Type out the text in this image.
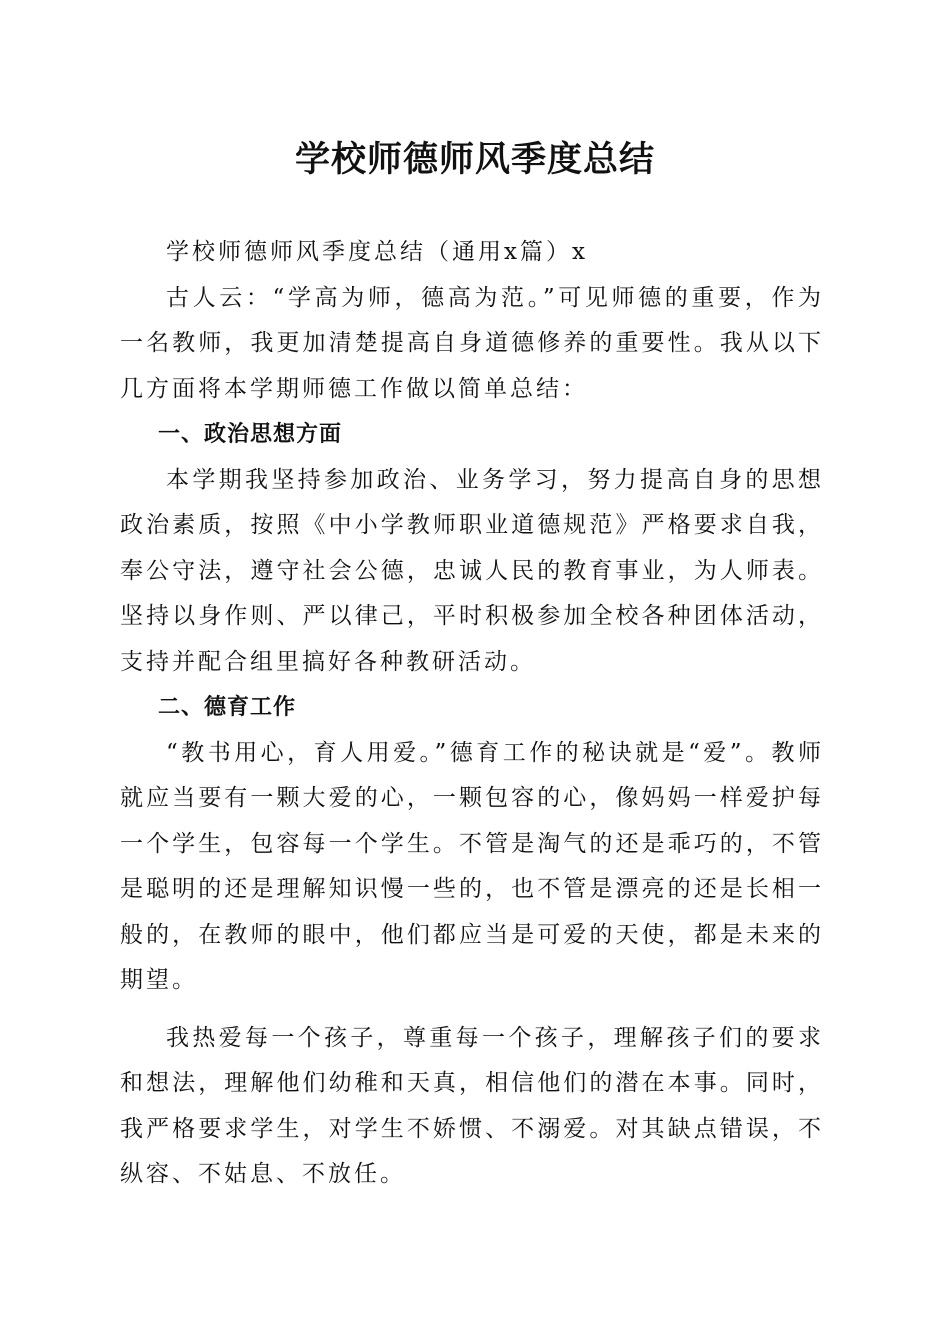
学校师德师风季度总结

学校师德师风季度总结（通用x篇）x

古人云：“学高为师，德高为范。”可见师德的重要，作为一名教师，我更加清楚提高自身道德修养的重要性。我从以下几方面将本学期师德工作做以简单总结：

一、政治思想方面

本学期我坚持参加政治、业务学习，努力提高自身的思想政治素质，按照《中小学教师职业道德规范》严格要求自我，奉公守法，遵守社会公德，忠诚人民的教育事业，为人师表。坚持以身作则、严以律己，平时积极参加全校各种团体活动，支持并配合组里搞好各种教研活动。

二、德育工作

“教书用心，育人用爱。”德育工作的秘诀就是“爱”。教师就应当要有一颗大爱的心，一颗包容的心，像妈妈一样爱护每一个学生，包容每一个学生。不管是淘气的还是乖巧的，不管是聪明的还是理解知识慢一些的，也不管是漂亮的还是长相一般的，在教师的眼中，他们都应当是可爱的天使，都是未来的期望。

我热爱每一个孩子，尊重每一个孩子，理解孩子们的要求和想法，理解他们幼稚和天真，相信他们的潜在本事。同时，我严格要求学生，对学生不娇惯、不溺爱。对其缺点错误，不纵容、不姑息、不放任。
